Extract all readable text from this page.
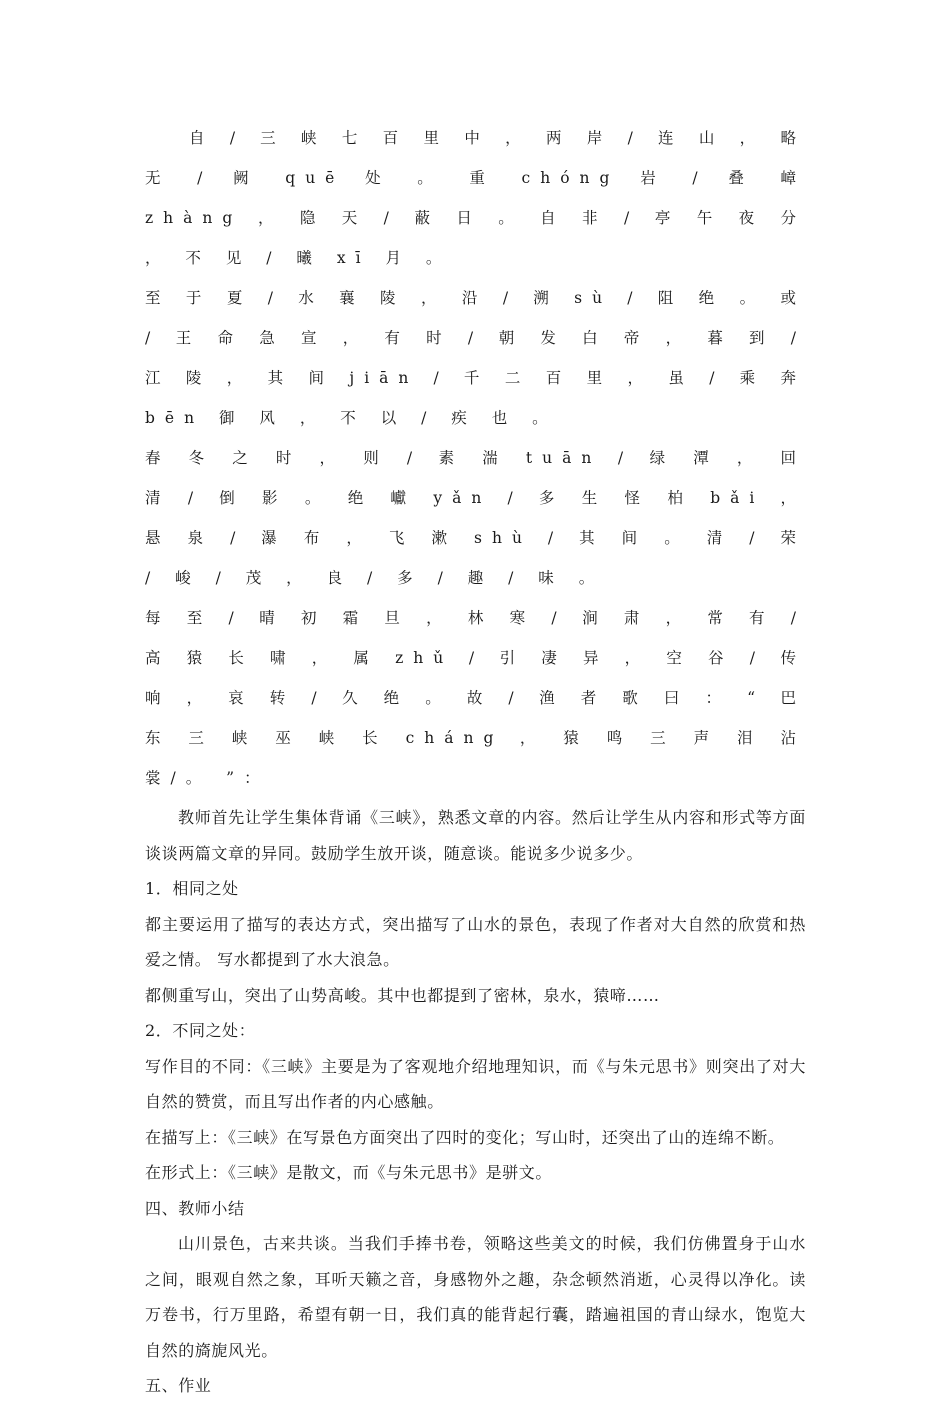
自 / 三 峡 七 百 里 中 ， 两 岸 / 连 山 ， 略 无 / 阙 quē 处 。 重 chóng 岩 / 叠 嶂 zhàng ， 隐 天 / 蔽 日 。 自 非 / 亭 午 夜 分 ， 不 见 / 曦 xī 月 。

至 于 夏 / 水 襄 陵 ， 沿 / 溯 sù / 阻 绝 。 或 / 王 命 急 宣 ， 有 时 / 朝 发 白 帝 ， 暮 到 / 江 陵 ， 其 间 jiān / 千 二 百 里 ， 虽 / 乘 奔 bēn 御 风 ， 不 以 / 疾 也 。

春 冬 之 时 ， 则 / 素 湍 tuān / 绿 潭 ， 回 清 / 倒 影 。 绝 巘 yǎn / 多 生 怪 柏 bǎi ， 悬 泉 / 瀑 布 ， 飞 漱 shù / 其 间 。 清 / 荣 / 峻 / 茂 ， 良 / 多 / 趣 / 味 。

每 至 / 晴 初 霜 旦 ， 林 寒 / 涧 肃 ， 常 有 / 高 猿 长 啸 ， 属 zhǔ / 引 凄 异 ， 空 谷 / 传 响 ， 哀 转 / 久 绝 。 故 / 渔 者 歌 曰 ： “ 巴 东 三 峡 巫 峡 长 cháng ， 猿 鸣 三 声 泪 沾 裳/。 ”：

教师首先让学生集体背诵《三峡》，熟悉文章的内容。然后让学生从内容和形式等方面谈谈两篇文章的异同。鼓励学生放开谈，随意谈。能说多少说多少。

1．相同之处

都主要运用了描写的表达方式，突出描写了山水的景色，表现了作者对大自然的欣赏和热爱之情。 写水都提到了水大浪急。

都侧重写山，突出了山势高峻。其中也都提到了密林，泉水，猿啼……

2．不同之处：

写作目的不同：《三峡》主要是为了客观地介绍地理知识，而《与朱元思书》则突出了对大自然的赞赏，而且写出作者的内心感触。

在描写上：《三峡》在写景色方面突出了四时的变化；写山时，还突出了山的连绵不断。

在形式上：《三峡》是散文，而《与朱元思书》是骈文。

四、教师小结

山川景色，古来共谈。当我们手捧书卷，领略这些美文的时候，我们仿佛置身于山水之间，眼观自然之象，耳听天籁之音，身感物外之趣，杂念顿然消逝，心灵得以净化。读万卷书，行万里路，希望有朝一日，我们真的能背起行囊，踏遍祖国的青山绿水，饱览大自然的旖旎风光。

五、作业
